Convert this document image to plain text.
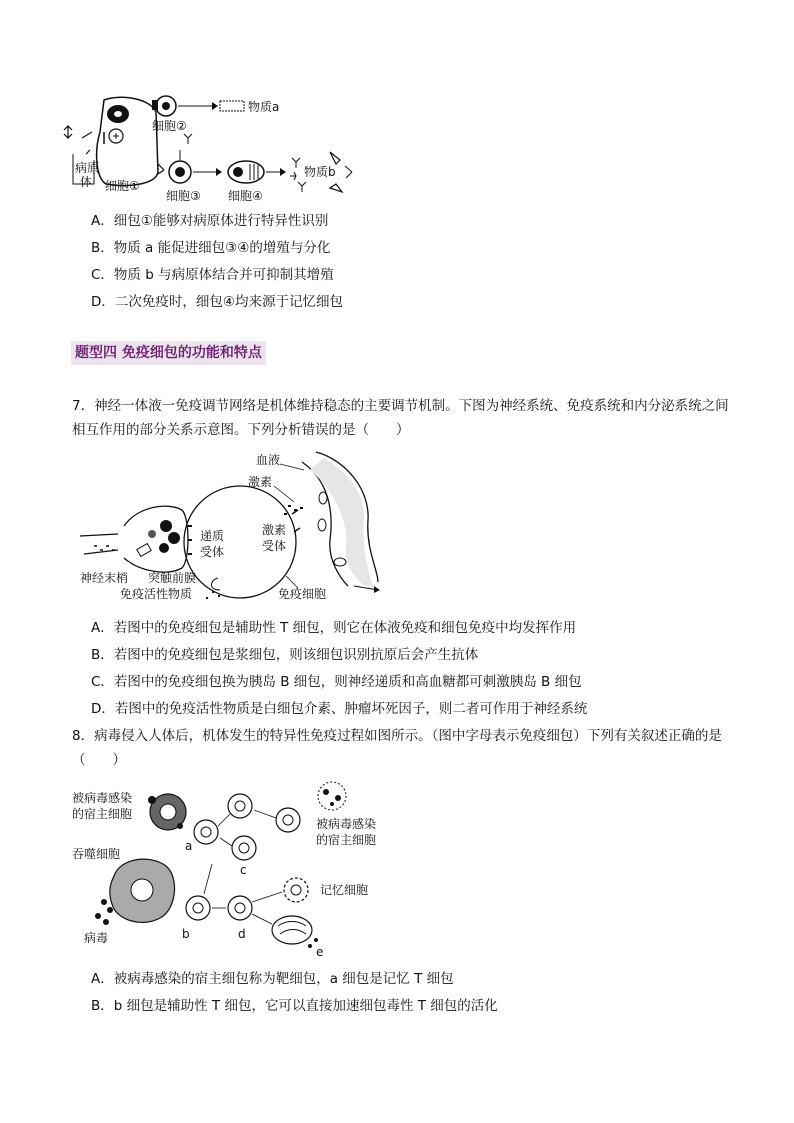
病原
体 细胞①
物质a
细胞②
细胞③ 细胞④
物质b
A．细包①能够对病原体进行特异性识别
B．物质 a 能促进细包③④的增殖与分化
C．物质 b 与病原体结合并可抑制其增殖
D．二次免疫时，细包④均来源于记忆细包
题型四 免疫细包的功能和特点
7．神经一体液一免疫调节网络是机体维持稳态的主要调节机制。下图为神经系统、免疫系统和内分泌系统之间相互作用的部分关系示意图。下列分析错误的是（　　）
血液
激素
递质
受体
激素
受体
神经末梢 突触前膜
免疫活性物质	免疫细胞
A．若图中的免疫细包是辅助性 T 细包，则它在体液免疫和细包免疫中均发挥作用
B．若图中的免疫细包是浆细包，则该细包识别抗原后会产生抗体
C．若图中的免疫细包换为胰岛 B 细包，则神经递质和高血糖都可刺激胰岛 B 细包
D．若图中的免疫活性物质是白细包介素、肿瘤坏死因子，则二者可作用于神经系统
8．病毒侵入人体后，机体发生的特异性免疫过程如图所示。（图中字母表示免疫细包）下列有关叙述正确的是（　　）
被病毒感染
的宿主细胞
a
c
被病毒感染
的宿主细胞
吞噬细胞
病毒	b	d
记忆细胞
e
A．被病毒感染的宿主细包称为靶细包，a 细包是记忆 T 细包
B．b 细包是辅助性 T 细包，它可以直接加速细包毒性 T 细包的活化
